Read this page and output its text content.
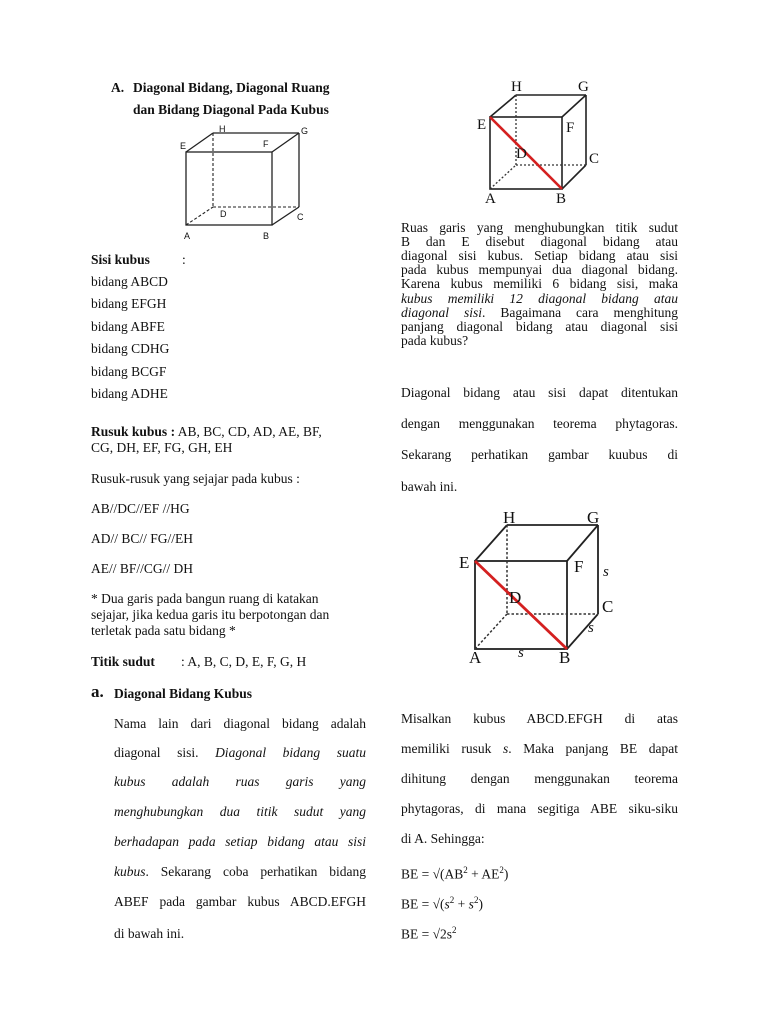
A. Diagonal Bidang, Diagonal Ruang
dan Bidang Diagonal Pada Kubus
H	G
E	F
D	C
A	B
Sisi kubus :
bidang ABCD
bidang EFGH
bidang ABFE
bidang CDHG
bidang BCGF
bidang ADHE
Rusuk kubus : AB, BC, CD, AD, AE, BF,
CG, DH, EF, FG, GH, EH
Rusuk-rusuk yang sejajar pada kubus :
AB//DC//EF //HG
AD// BC// FG//EH
AE// BF//CG// DH
* Dua garis pada bangun ruang di katakan
sejajar, jika kedua garis itu berpotongan dan
terletak pada satu bidang *
Titik sudut : A, B, C, D, E, F, G, H
a. Diagonal Bidang Kubus
Nama lain dari diagonal bidang adalah
diagonal sisi. Diagonal bidang suatu
kubus adalah ruas garis yang
menghubungkan dua titik sudut yang
berhadapan pada setiap bidang atau sisi
kubus. Sekarang coba perhatikan bidang
ABEF pada gambar kubus ABCD.EFGH
di bawah ini.
H	G
E	F
D	C
A	B
Ruas garis yang menghubungkan titik sudut
B dan E disebut diagonal bidang atau
diagonal sisi kubus. Setiap bidang atau sisi
pada kubus mempunyai dua diagonal bidang.
Karena kubus memiliki 6 bidang sisi, maka
kubus memiliki 12 diagonal bidang atau
diagonal sisi. Bagaimana cara menghitung
panjang diagonal bidang atau diagonal sisi
pada kubus?
Diagonal bidang atau sisi dapat ditentukan
dengan menggunakan teorema phytagoras.
Sekarang perhatikan gambar kuubus di
bawah ini.
H	G
E	F
D	C
A	B
s
s
s
Misalkan kubus ABCD.EFGH di atas
memiliki rusuk s. Maka panjang BE dapat
dihitung dengan menggunakan teorema
phytagoras, di mana segitiga ABE siku-siku
di A. Sehingga:
BE = $√(AB^2 + AE^2)$
BE = $√(s^2 + s^2)$
BE = $√2s^2$
